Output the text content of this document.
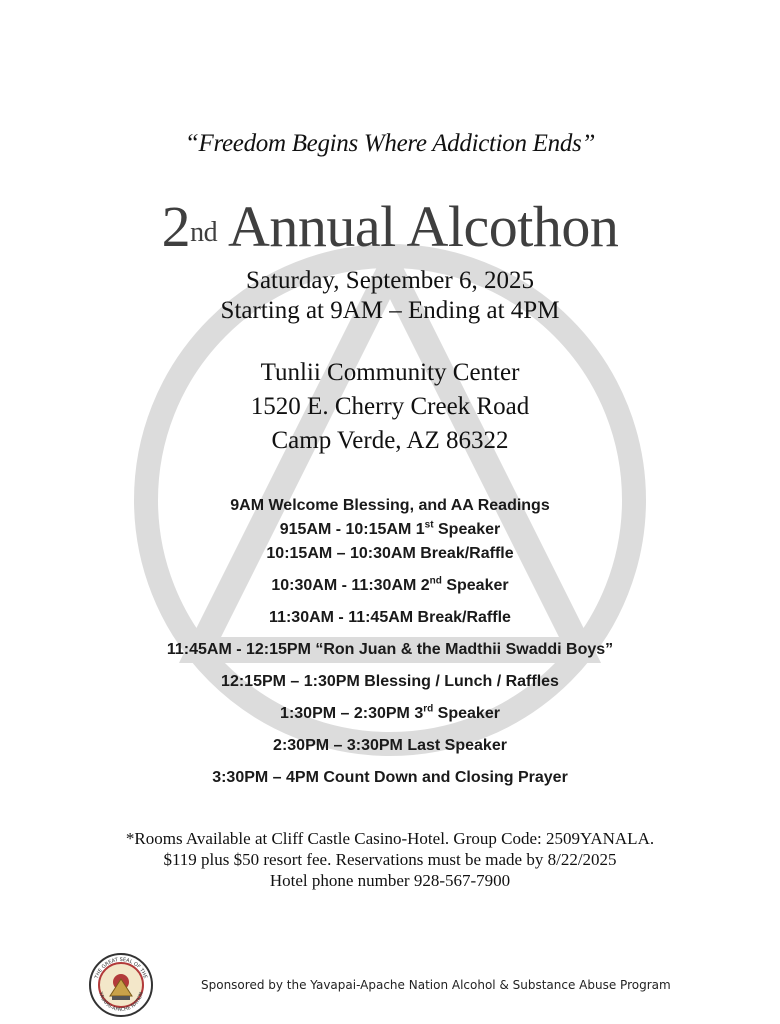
“Freedom Begins Where Addiction Ends”
2nd Annual Alcothon
Saturday, September 6, 2025
Starting at 9AM – Ending at 4PM
Tunlii Community Center
1520 E. Cherry Creek Road
Camp Verde, AZ 86322
9AM Welcome Blessing, and AA Readings
915AM - 10:15AM 1st Speaker
10:15AM – 10:30AM Break/Raffle
10:30AM - 11:30AM 2nd Speaker
11:30AM - 11:45AM Break/Raffle
11:45AM - 12:15PM “Ron Juan & the Madthii Swaddi Boys”
12:15PM – 1:30PM Blessing / Lunch / Raffles
1:30PM – 2:30PM 3rd Speaker
2:30PM – 3:30PM Last Speaker
3:30PM – 4PM Count Down and Closing Prayer
*Rooms Available at Cliff Castle Casino-Hotel. Group Code: 2509YANALA.
$119 plus $50 resort fee. Reservations must be made by 8/22/2025
Hotel phone number 928-567-7900
THE GREAT SEAL OF THE
YAVAPAI-APACHE NATION
Sponsored by the Yavapai-Apache Nation Alcohol & Substance Abuse Program
